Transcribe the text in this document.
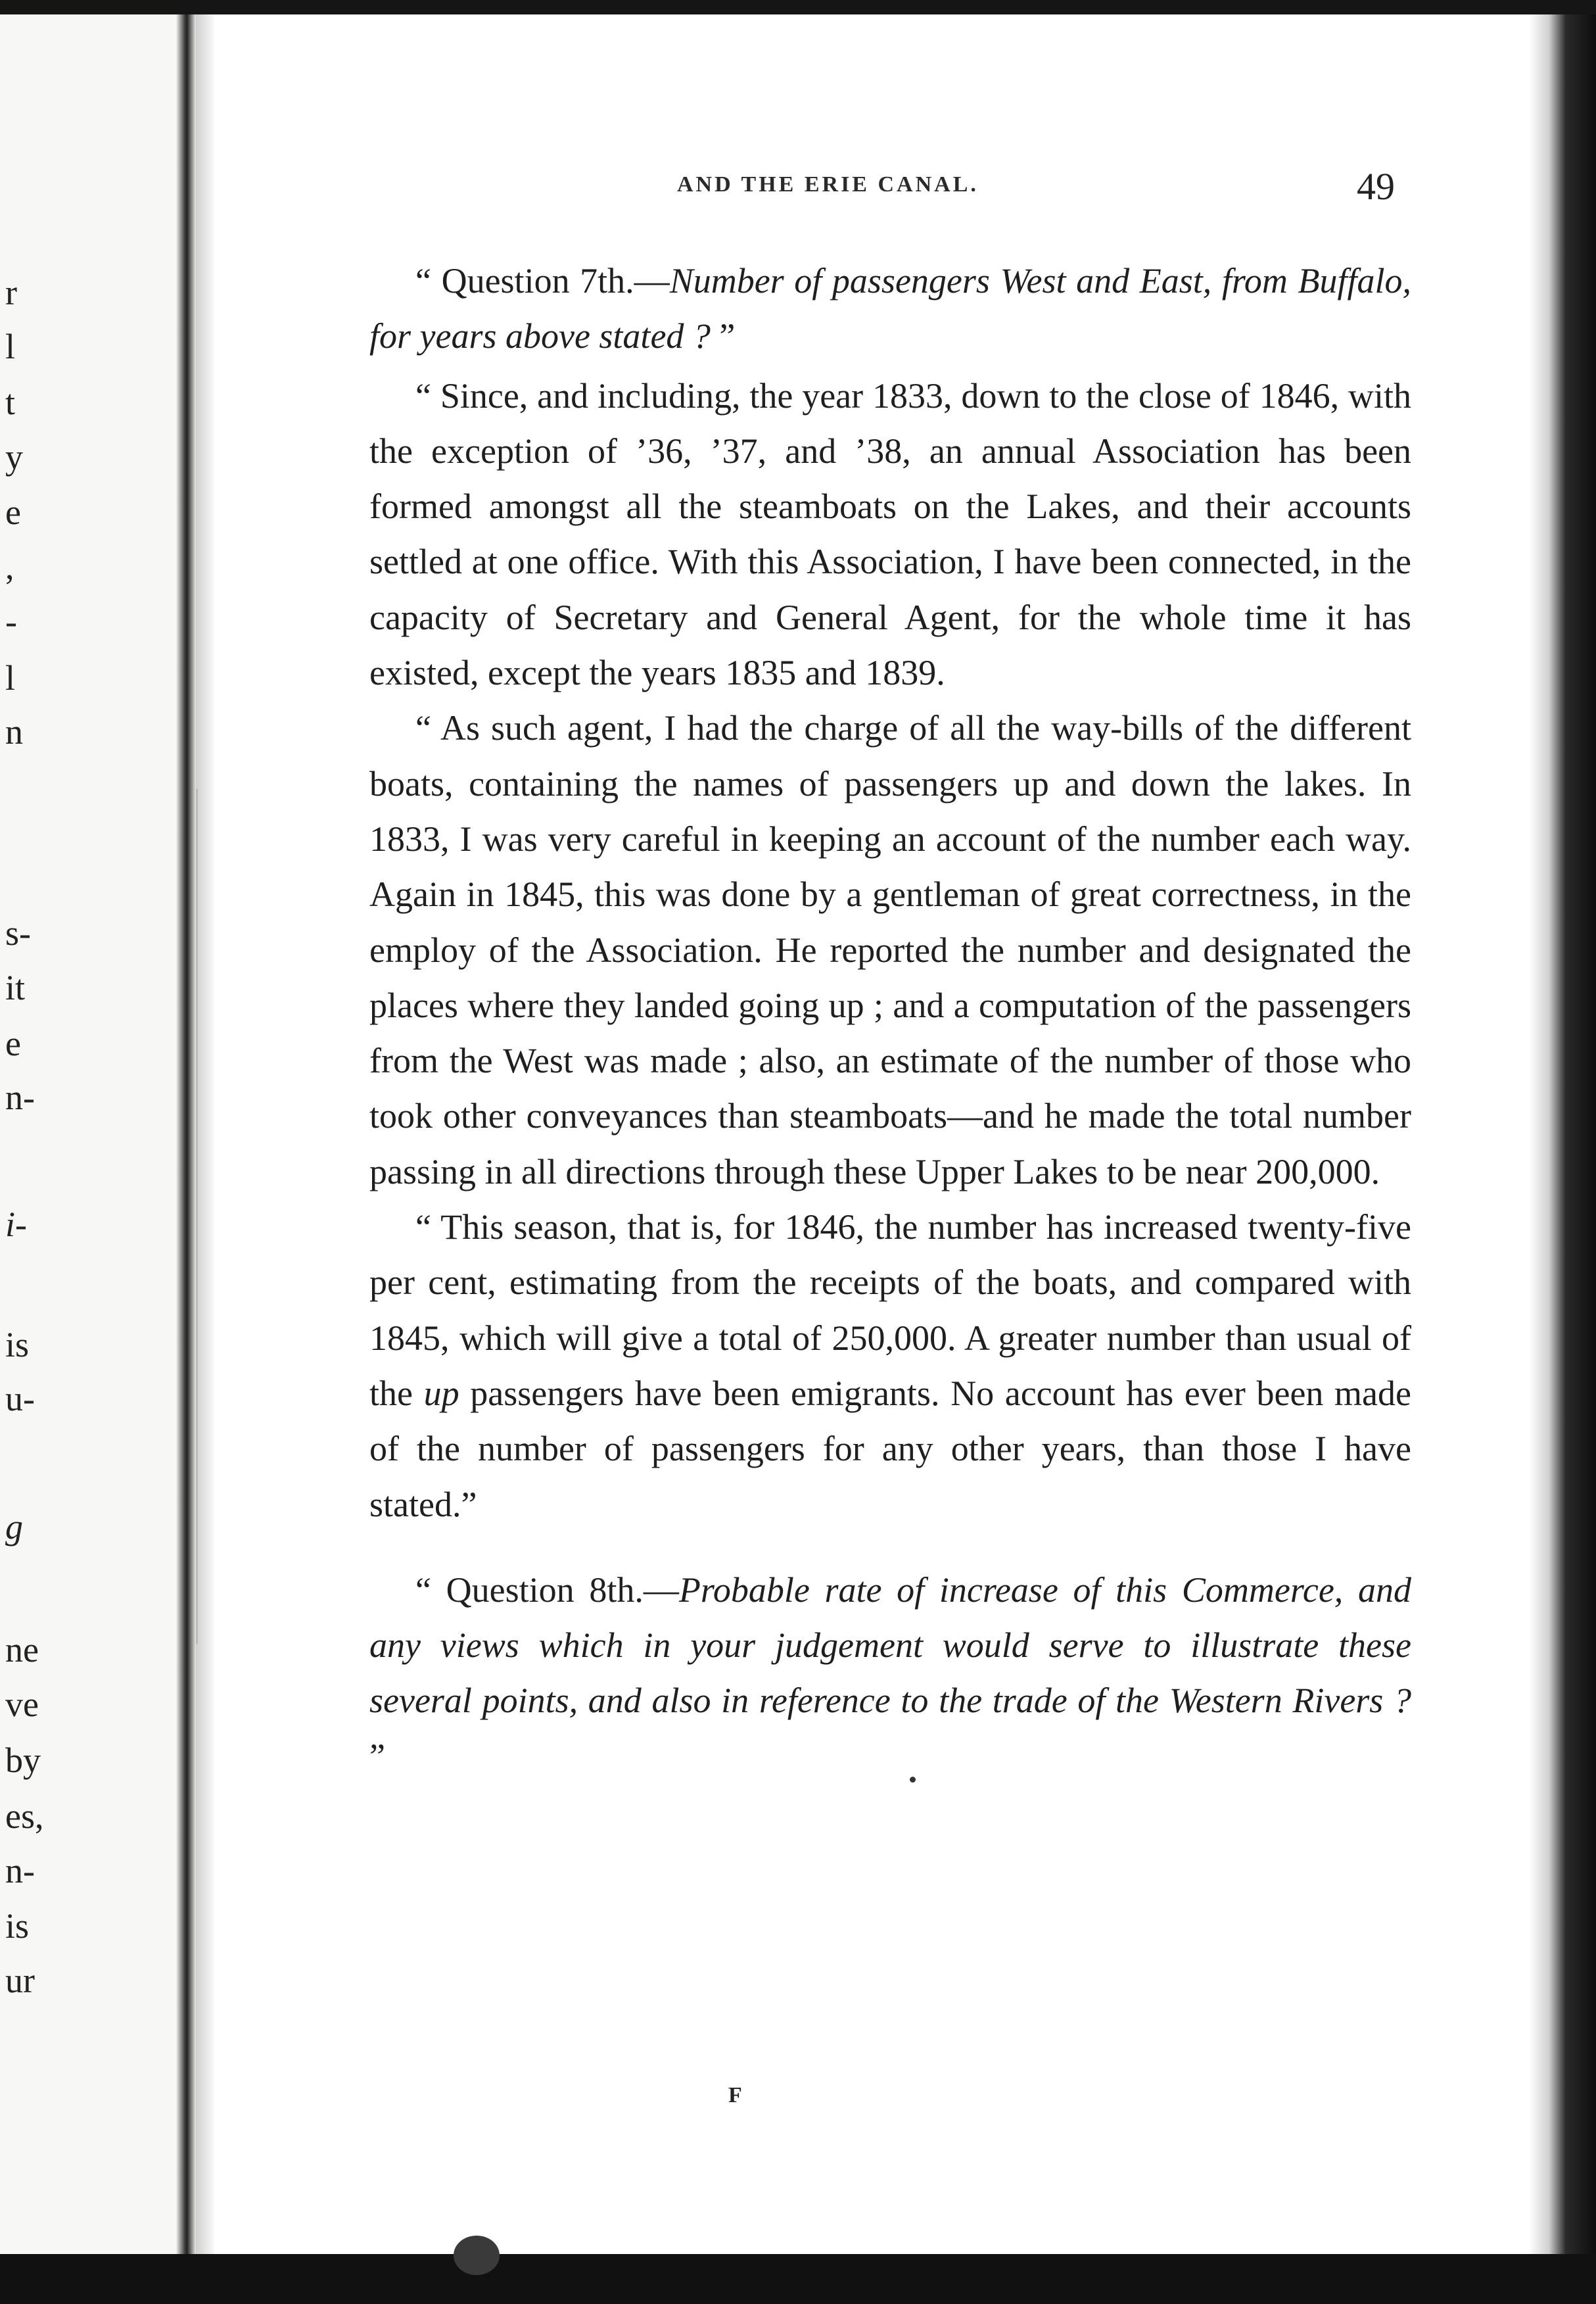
r
l
t
y
e
,
-
l
n
s-
it
e
n-
i-
is
u-
g
ne
ve
by
es,
n-
is
ur
AND THE ERIE CANAL.	49

“ Question 7th.—Number of passengers West and East, from Buffalo, for years above stated ? ”

“ Since, and including, the year 1833, down to the close of 1846, with the exception of ’36, ’37, and ’38, an annual Association has been formed amongst all the steamboats on the Lakes, and their accounts settled at one office. With this Association, I have been connected, in the capacity of Secretary and General Agent, for the whole time it has existed, except the years 1835 and 1839.

“ As such agent, I had the charge of all the way-bills of the different boats, containing the names of passengers up and down the lakes. In 1833, I was very careful in keeping an account of the number each way. Again in 1845, this was done by a gentleman of great correctness, in the employ of the Association. He reported the number and designated the places where they landed going up ; and a computation of the passengers from the West was made ; also, an estimate of the number of those who took other conveyances than steamboats—and he made the total number passing in all directions through these Upper Lakes to be near 200,000.

“ This season, that is, for 1846, the number has increased twenty-five per cent, estimating from the receipts of the boats, and compared with 1845, which will give a total of 250,000. A greater number than usual of the up passengers have been emigrants. No account has ever been made of the number of passengers for any other years, than those I have stated.”

“ Question 8th.—Probable rate of increase of this Commerce, and any views which in your judgement would serve to illustrate these several points, and also in reference to the trade of the Western Rivers ? ”

F
